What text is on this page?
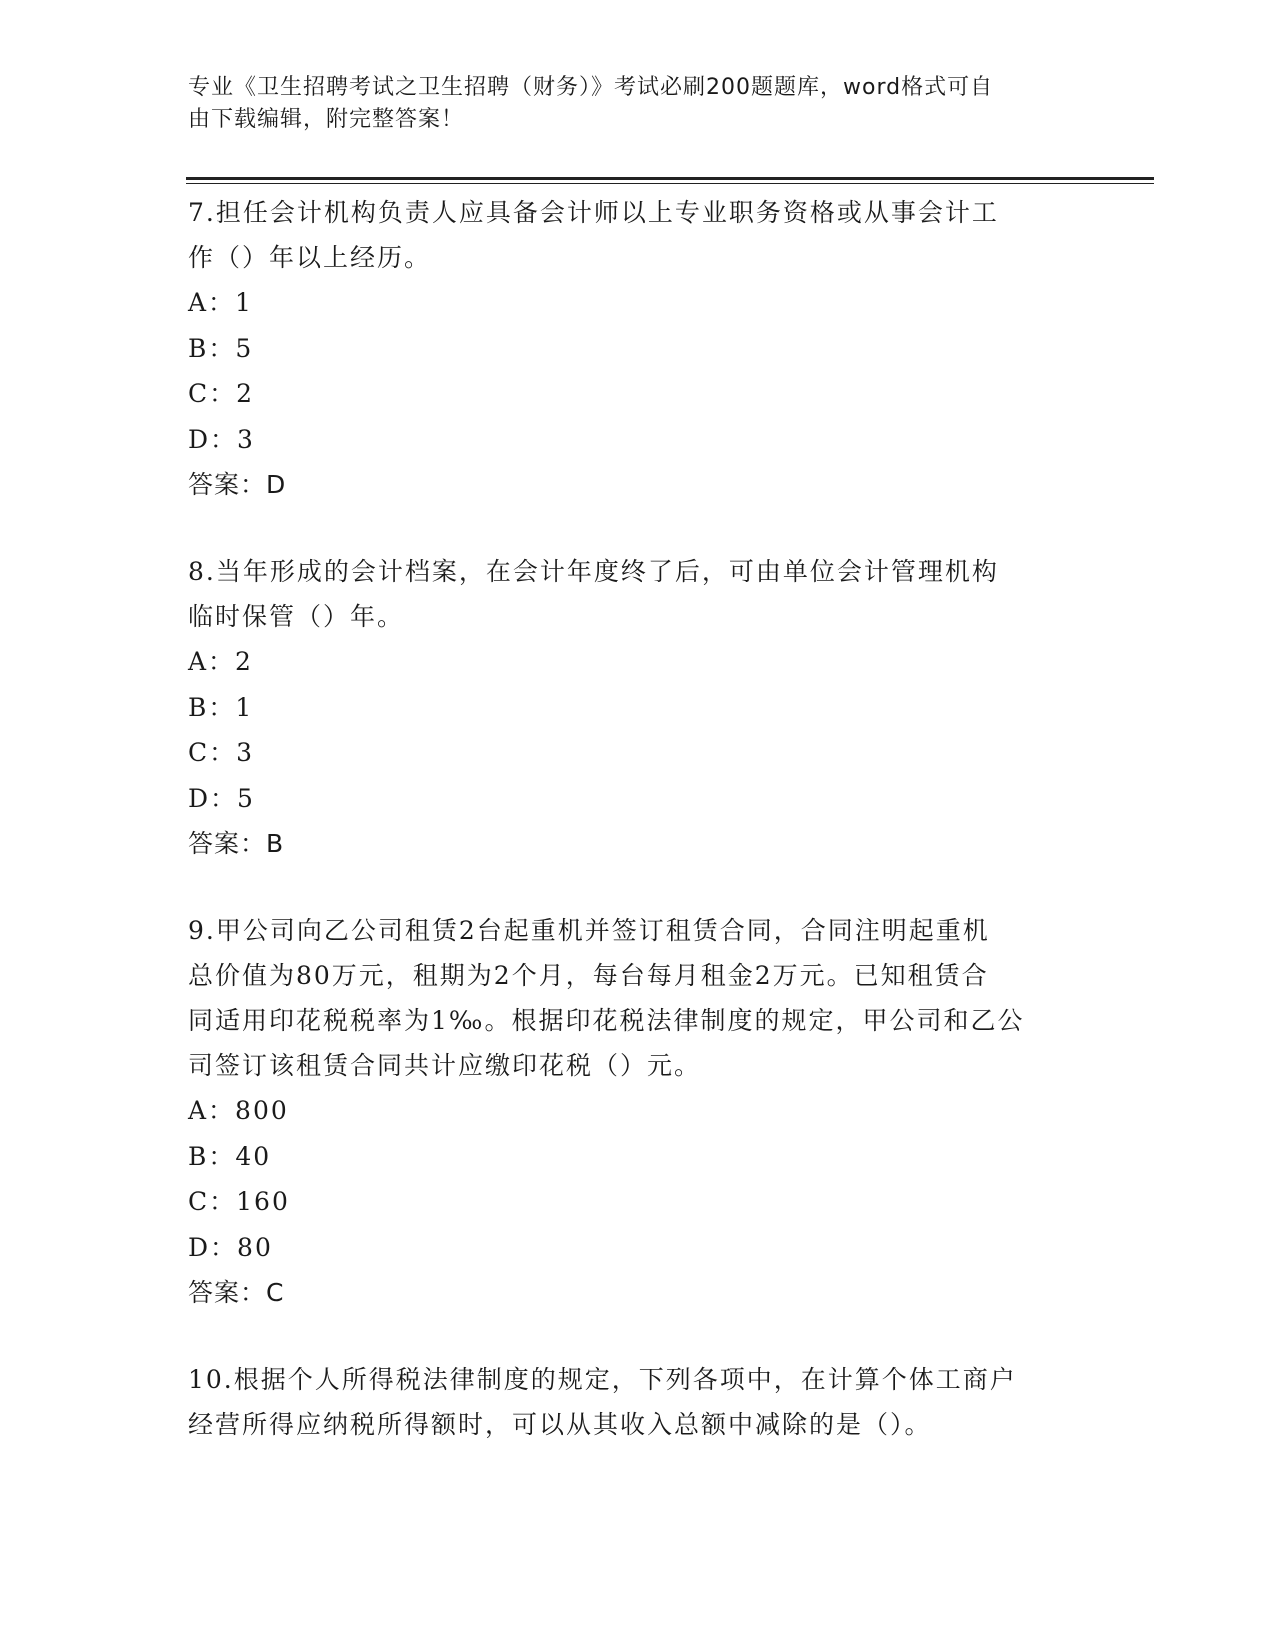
专业《卫生招聘考试之卫生招聘（财务）》考试必刷200题题库，word格式可自
由下载编辑，附完整答案！
7.担任会计机构负责人应具备会计师以上专业职务资格或从事会计工
作（）年以上经历。
A：1
B：5
C：2
D：3
答案：D
8.当年形成的会计档案，在会计年度终了后，可由单位会计管理机构
临时保管（）年。
A：2
B：1
C：3
D：5
答案：B
9.甲公司向乙公司租赁2台起重机并签订租赁合同，合同注明起重机
总价值为80万元，租期为2个月，每台每月租金2万元。已知租赁合
同适用印花税税率为1‰。根据印花税法律制度的规定，甲公司和乙公
司签订该租赁合同共计应缴印花税（）元。
A：800
B：40
C：160
D：80
答案：C
10.根据个人所得税法律制度的规定，下列各项中，在计算个体工商户
经营所得应纳税所得额时，可以从其收入总额中减除的是（）。
